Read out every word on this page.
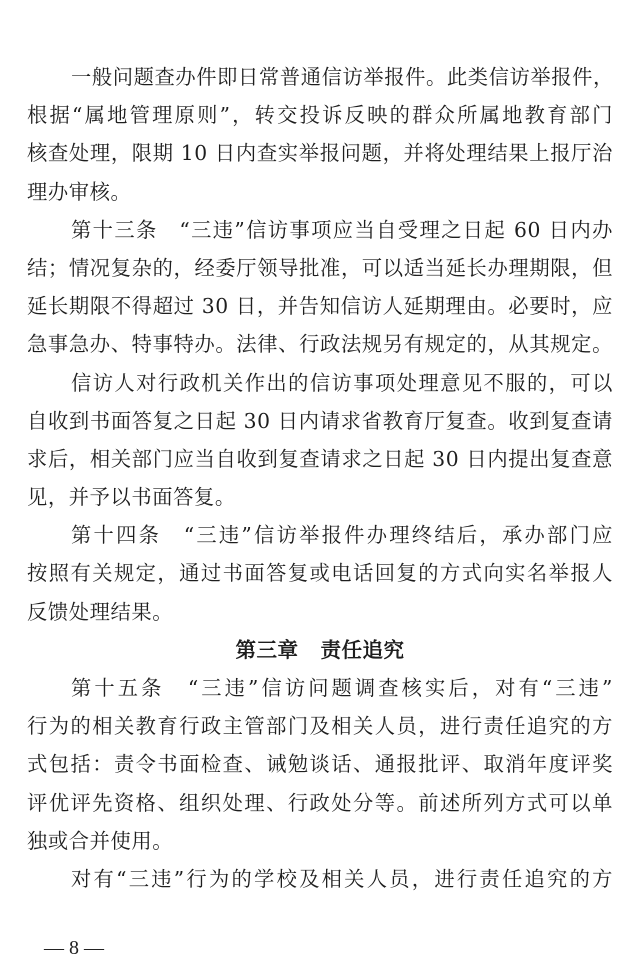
一般问题查办件即日常普通信访举报件。此类信访举报件，
根据“属地管理原则”，转交投诉反映的群众所属地教育部门
核查处理，限期 10 日内查实举报问题，并将处理结果上报厅治
理办审核。
第十三条　“三违”信访事项应当自受理之日起 60 日内办
结；情况复杂的，经委厅领导批准，可以适当延长办理期限，但
延长期限不得超过 30 日，并告知信访人延期理由。必要时，应
急事急办、特事特办。法律、行政法规另有规定的，从其规定。
信访人对行政机关作出的信访事项处理意见不服的，可以
自收到书面答复之日起 30 日内请求省教育厅复查。收到复查请
求后，相关部门应当自收到复查请求之日起 30 日内提出复查意
见，并予以书面答复。
第十四条　“三违”信访举报件办理终结后，承办部门应
按照有关规定，通过书面答复或电话回复的方式向实名举报人
反馈处理结果。
第三章 责任追究
第十五条　“三违”信访问题调查核实后，对有“三违”
行为的相关教育行政主管部门及相关人员，进行责任追究的方
式包括：责令书面检查、诫勉谈话、通报批评、取消年度评奖
评优评先资格、组织处理、行政处分等。前述所列方式可以单
独或合并使用。
对有“三违”行为的学校及相关人员，进行责任追究的方
— 8 —
